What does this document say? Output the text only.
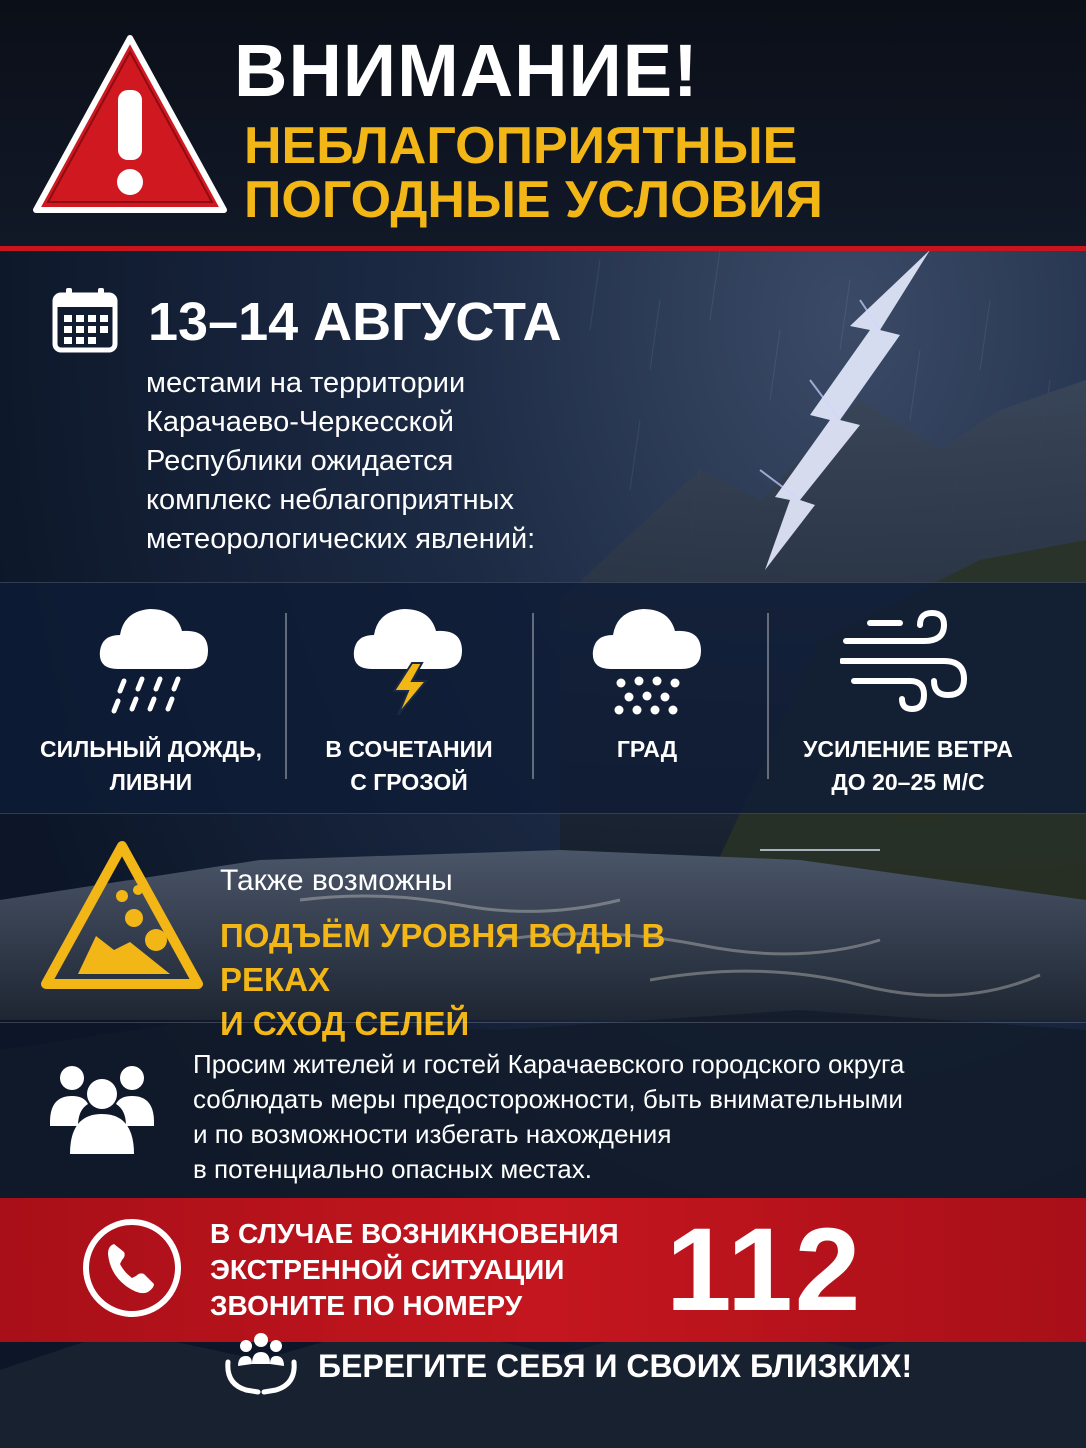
ВНИМАНИЕ!
НЕБЛАГОПРИЯТНЫЕ
ПОГОДНЫЕ УСЛОВИЯ
13–14 АВГУСТА
местами на территории
Карачаево-Черкесской
Республики ожидается
комплекс неблагоприятных
метеорологических явлений:
СИЛЬНЫЙ ДОЖДЬ,
ЛИВНИ
В СОЧЕТАНИИ
С ГРОЗОЙ
ГРАД	УСИЛЕНИЕ ВЕТРА
ДО 20–25 М/С
Также возможны
ПОДЪЁМ УРОВНЯ ВОДЫ В РЕКАХ
И СХОД СЕЛЕЙ
Просим жителей и гостей Карачаевского городского округа
соблюдать меры предосторожности, быть внимательными
и по возможности избегать нахождения
в потенциально опасных местах.
В СЛУЧАЕ ВОЗНИКНОВЕНИЯ
ЭКСТРЕННОЙ СИТУАЦИИ
ЗВОНИТЕ ПО НОМЕРУ	112
БЕРЕГИТЕ СЕБЯ И СВОИХ БЛИЗКИХ!
